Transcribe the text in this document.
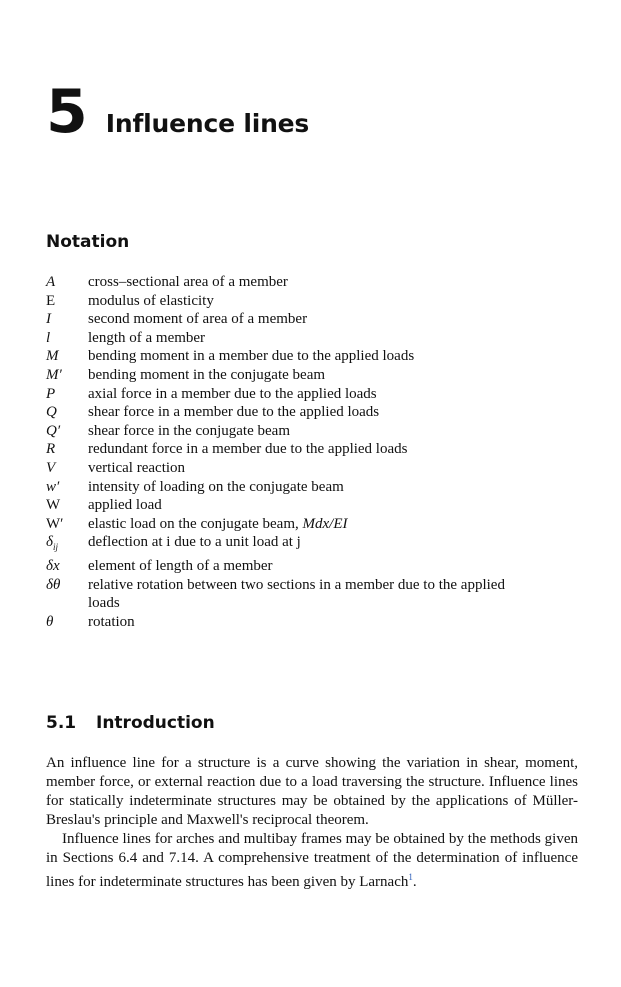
5 Influence lines
Notation
A	cross–sectional area of a member
E	modulus of elasticity
I	second moment of area of a member
l	length of a member
M	bending moment in a member due to the applied loads
M′	bending moment in the conjugate beam
P	axial force in a member due to the applied loads
Q	shear force in a member due to the applied loads
Q′	shear force in the conjugate beam
R	redundant force in a member due to the applied loads
V	vertical reaction
w′	intensity of loading on the conjugate beam
W	applied load
W′	elastic load on the conjugate beam, Mdx/EI
$\delta_{ij}$	deflection at i due to a unit load at j
δx	element of length of a member
δθ	relative rotation between two sections in a member due to the applied loads
θ	rotation
5.1 Introduction

An influence line for a structure is a curve showing the variation in shear, moment, member force, or external reaction due to a load traversing the structure. Influence lines for statically indeterminate structures may be obtained by the applications of Müller-Breslau's principle and Maxwell's reciprocal theorem.

Influence lines for arches and multibay frames may be obtained by the methods given in Sections 6.4 and 7.14. A comprehensive treatment of the determination of influence lines for indeterminate structures has been given by Larnach$^1$.
